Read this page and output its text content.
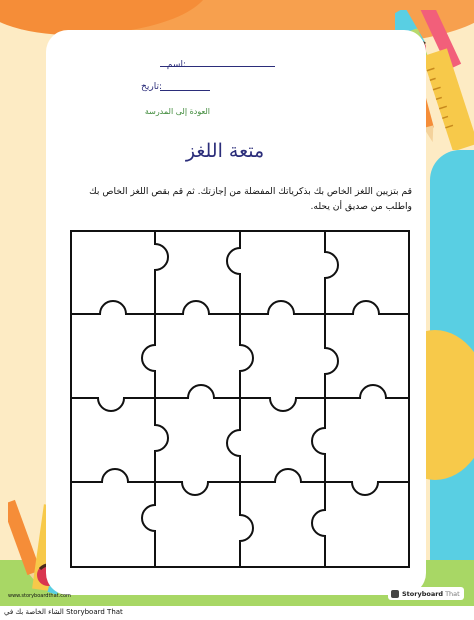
:اسم
:تاريخ
العودة إلى المدرسة
متعة اللغز
قم بتزيين اللغز الخاص بك بذكرياتك المفضلة من إجازتك. ثم قم بقص اللغز الخاص بك واطلب من صديق أن يحله.
www.storyboardthat.com	Storyboard That
Storyboard That الشاء الخاصة بك في
